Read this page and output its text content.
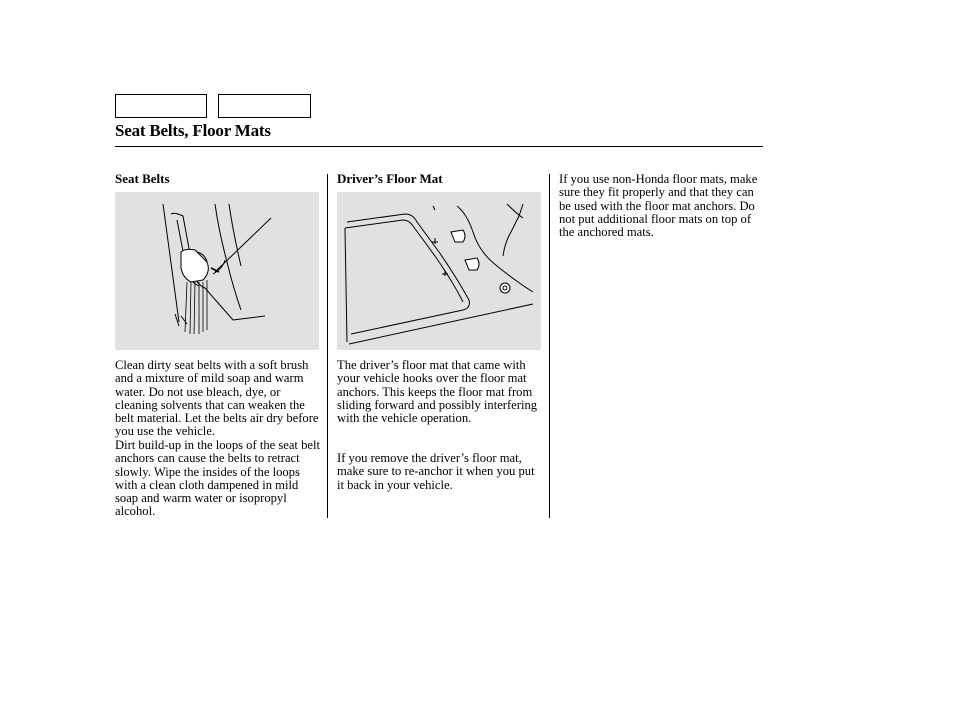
Seat Belts, Floor Mats
Seat Belts

Clean dirty seat belts with a soft brush and a mixture of mild soap and warm water. Do not use bleach, dye, or cleaning solvents that can weaken the belt material. Let the belts air dry before you use the vehicle.

Dirt build-up in the loops of the seat belt anchors can cause the belts to retract slowly. Wipe the insides of the loops with a clean cloth dampened in mild soap and warm water or isopropyl alcohol.

Driver’s Floor Mat

The driver’s floor mat that came with your vehicle hooks over the floor mat anchors. This keeps the floor mat from sliding forward and possibly interfering with the vehicle operation.

If you remove the driver’s floor mat, make sure to re-anchor it when you put it back in your vehicle.

If you use non-Honda floor mats, make sure they fit properly and that they can be used with the floor mat anchors. Do not put additional floor mats on top of the anchored mats.
